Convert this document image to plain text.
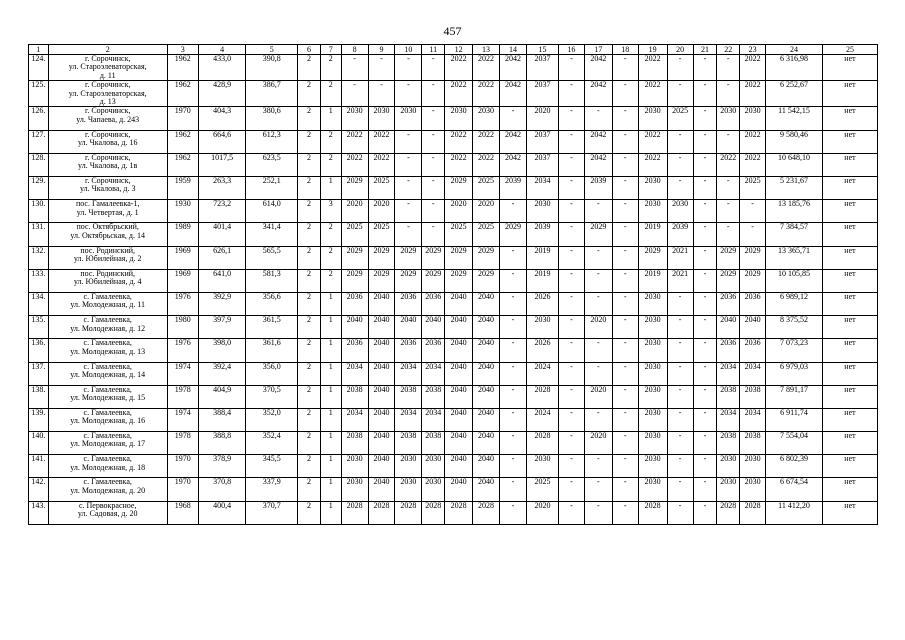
457
1	2	3	4	5	6	7	8	9	10	11	12	13	14	15	16	17	18	19	20	21	22	23	24	25
124.	г. Сорочинск,
ул. Староэлеваторская,
д. 11	1962	433,0	390,8	2	2	-	-	-	-	2022	2022	2042	2037	-	2042	-	2022	-	-	-	2022	6 316,98	нет
125.	г. Сорочинск,
ул. Староэлеваторская,
д. 13	1962	428,9	386,7	2	2	-	-	-	-	2022	2022	2042	2037	-	2042	-	2022	-	-	-	2022	6 252,67	нет
126.	г. Сорочинск,
ул. Чапаева, д. 243	1970	404,3	380,6	2	1	2030	2030	2030	-	2030	2030	-	2020	-	-	-	2030	2025	-	2030	2030	11 542,15	нет
127.	г. Сорочинск,
ул. Чкалова, д. 16	1962	664,6	612,3	2	2	2022	2022	-	-	2022	2022	2042	2037	-	2042	-	2022	-	-	-	2022	9 580,46	нет
128.	г. Сорочинск,
ул. Чкалова, д. 1в	1962	1017,5	623,5	2	2	2022	2022	-	-	2022	2022	2042	2037	-	2042	-	2022	-	-	2022	2022	10 648,10	нет
129.	г. Сорочинск,
ул. Чкалова, д. 3	1959	263,3	252,1	2	1	2029	2025	-	-	2029	2025	2039	2034	-	2039	-	2030	-	-	-	2025	5 231,67	нет
130.	пос. Гамалеевка-1,
ул. Четвертая, д. 1	1930	723,2	614,0	2	3	2020	2020	-	-	2020	2020	-	2030	-	-	-	2030	2030	-	-	-	13 185,76	нет
131.	пос. Октябрьский,
ул. Октябрьская, д. 14	1989	401,4	341,4	2	2	2025	2025	-	-	2025	2025	2029	2039	-	2029	-	2019	2039	-	-	-	7 384,57	нет
132.	пос. Родинский,
ул. Юбилейная, д. 2	1969	626,1	565,5	2	2	2029	2029	2029	2029	2029	2029	-	2019	-	-	-	2029	2021	-	2029	2029	13 365,71	нет
133.	пос. Родинский,
ул. Юбилейная, д. 4	1969	641,0	581,3	2	2	2029	2029	2029	2029	2029	2029	-	2019	-	-	-	2019	2021	-	2029	2029	10 105,85	нет
134.	с. Гамалеевка,
ул. Молодежная, д. 11	1976	392,9	356,6	2	1	2036	2040	2036	2036	2040	2040	-	2026	-	-	-	2030	-	-	2036	2036	6 989,12	нет
135.	с. Гамалеевка,
ул. Молодежная, д. 12	1980	397,9	361,5	2	1	2040	2040	2040	2040	2040	2040	-	2030	-	2020	-	2030	-	-	2040	2040	8 375,52	нет
136.	с. Гамалеевка,
ул. Молодежная, д. 13	1976	398,0	361,6	2	1	2036	2040	2036	2036	2040	2040	-	2026	-	-	-	2030	-	-	2036	2036	7 073,23	нет
137.	с. Гамалеевка,
ул. Молодежная, д. 14	1974	392,4	356,0	2	1	2034	2040	2034	2034	2040	2040	-	2024	-	-	-	2030	-	-	2034	2034	6 979,03	нет
138.	с. Гамалеевка,
ул. Молодежная, д. 15	1978	404,9	370,5	2	1	2038	2040	2038	2038	2040	2040	-	2028	-	2020	-	2030	-	-	2038	2038	7 891,17	нет
139.	с. Гамалеевка,
ул. Молодежная, д. 16	1974	388,4	352,0	2	1	2034	2040	2034	2034	2040	2040	-	2024	-	-	-	2030	-	-	2034	2034	6 911,74	нет
140.	с. Гамалеевка,
ул. Молодежная, д. 17	1978	388,8	352,4	2	1	2038	2040	2038	2038	2040	2040	-	2028	-	2020	-	2030	-	-	2038	2038	7 554,04	нет
141.	с. Гамалеевка,
ул. Молодежная, д. 18	1970	378,9	345,5	2	1	2030	2040	2030	2030	2040	2040	-	2030	-	-	-	2030	-	-	2030	2030	6 802,39	нет
142.	с. Гамалеевка,
ул. Молодежная, д. 20	1970	370,8	337,9	2	1	2030	2040	2030	2030	2040	2040	-	2025	-	-	-	2030	-	-	2030	2030	6 674,54	нет
143.	с. Первокрасное,
ул. Садовая, д. 20	1968	400,4	370,7	2	1	2028	2028	2028	2028	2028	2028	-	2020	-	-	-	2028	-	-	2028	2028	11 412,20	нет
